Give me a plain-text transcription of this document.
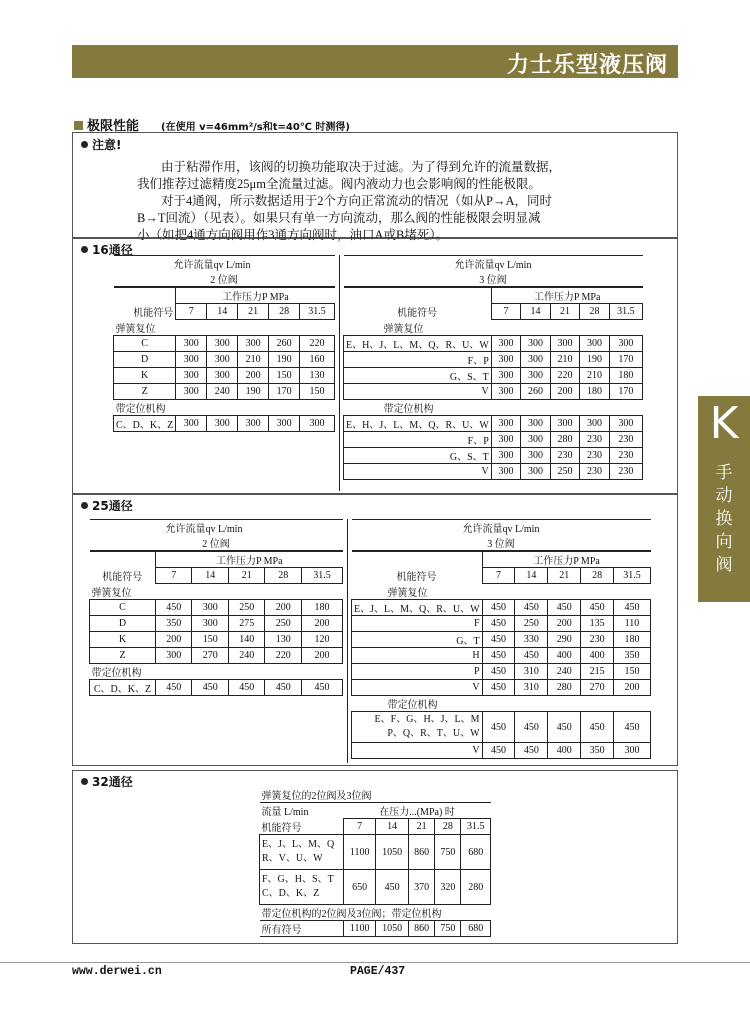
力士乐型液压阀
K
手
动
换
向
阀
极限性能 (在使用 v=46mm²/s和t=40℃ 时测得)
注意!

由于粘滞作用，该阀的切换功能取决于过滤。为了得到允许的流量数据，

我们推荐过滤精度25μm全流量过滤。阀内液动力也会影响阀的性能极限。

对于4通阀，所示数据适用于2个方向正常流动的情况（如从P→A，同时

B→T回流）（见表）。如果只有单一方向流动，那么阀的性能极限会明显减

小（如把4通方向阀用作3通方向阀时，油口A或B堵死）。

16通径
允许流量qv L/min					
2 位阀					
	工作压力P MPa				
机能符号	7	14	21	28	31.5
弹簧复位					
C	300	300	300	260	220
D	300	300	210	190	160
K	300	300	200	150	130
Z	300	240	190	170	150
带定位机构					
C、D、K、Z	300	300	300	300	300
允许流量qv L/min					
3 位阀					
	工作压力P MPa				
机能符号	7	14	21	28	31.5
弹簧复位					
E、H、J、L、M、Q、R、U、W	300	300	300	300	300
F、P	300	300	210	190	170
G、S、T	300	300	220	210	180
V	300	260	200	180	170
带定位机构					
E、H、J、L、M、Q、R、U、W	300	300	300	300	300
F、P	300	300	280	230	230
G、S、T	300	300	230	230	230
V	300	300	250	230	230
25通径
允许流量qv L/min					
2 位阀					
	工作压力P MPa				
机能符号	7	14	21	28	31.5
弹簧复位					
C	450	300	250	200	180
D	350	300	275	250	200
K	200	150	140	130	120
Z	300	270	240	220	200
带定位机构					
C、D、K、Z	450	450	450	450	450
允许流量qv L/min					
3 位阀					
	工作压力P MPa				
机能符号	7	14	21	28	31.5
弹簧复位					
E、J、L、M、Q、R、U、W	450	450	450	450	450
F	450	250	200	135	110
G、T	450	330	290	230	180
H	450	450	400	400	350
P	450	310	240	215	150
V	450	310	280	270	200
带定位机构					

E、F、G、H、J、L、M
P、Q、R、T、U、W	450	450	450	450	450
V	450	450	400	350	300
32通径
弹簧复位的2位阀及3位阀					
流量 L/min	在压力...(MPa) 时				
机能符号	7	14	21	28	31.5

E、J、L、M、Q
R、V、U、W	1100	1050	860	750	680

F、G、H、S、T
C、D、K、Z	650	450	370	320	280
带定位机构的2位阀及3位阀；带定位机构					
所有符号	1100	1050	860	750	680
www.derwei.cn	PAGE/437
